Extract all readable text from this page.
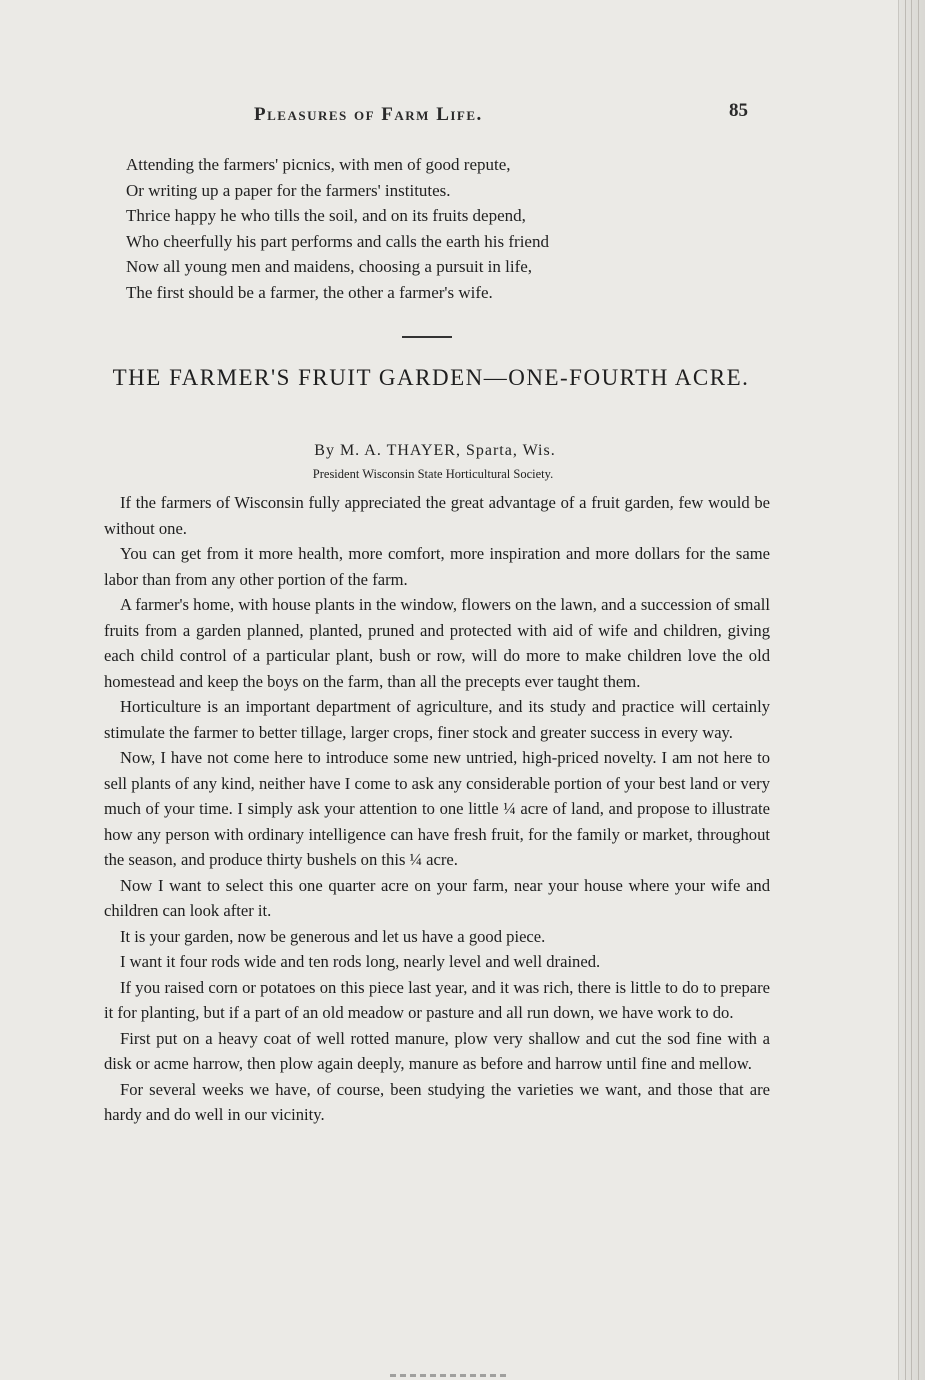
Pleasures of Farm Life.	85
Attending the farmers' picnics, with men of good repute,
Or writing up a paper for the farmers' institutes.
Thrice happy he who tills the soil, and on its fruits depend,
Who cheerfully his part performs and calls the earth his friend
Now all young men and maidens, choosing a pursuit in life,
The first should be a farmer, the other a farmer's wife.
THE FARMER'S FRUIT GARDEN—ONE-FOURTH ACRE.
By M. A. THAYER, Sparta, Wis.
President Wisconsin State Horticultural Society.

If the farmers of Wisconsin fully appreciated the great advantage of a fruit garden, few would be without one.

You can get from it more health, more comfort, more inspiration and more dollars for the same labor than from any other portion of the farm.

A farmer's home, with house plants in the window, flowers on the lawn, and a succession of small fruits from a garden planned, planted, pruned and protected with aid of wife and children, giving each child control of a particular plant, bush or row, will do more to make children love the old homestead and keep the boys on the farm, than all the precepts ever taught them.

Horticulture is an important department of agriculture, and its study and practice will certainly stimulate the farmer to better tillage, larger crops, finer stock and greater success in every way.

Now, I have not come here to introduce some new untried, high-priced novelty. I am not here to sell plants of any kind, neither have I come to ask any considerable portion of your best land or very much of your time. I simply ask your attention to one little ¼ acre of land, and propose to illustrate how any person with ordinary intelligence can have fresh fruit, for the family or market, throughout the season, and produce thirty bushels on this ¼ acre.

Now I want to select this one quarter acre on your farm, near your house where your wife and children can look after it.

It is your garden, now be generous and let us have a good piece.

I want it four rods wide and ten rods long, nearly level and well drained.

If you raised corn or potatoes on this piece last year, and it was rich, there is little to do to prepare it for planting, but if a part of an old meadow or pasture and all run down, we have work to do.

First put on a heavy coat of well rotted manure, plow very shallow and cut the sod fine with a disk or acme harrow, then plow again deeply, manure as before and harrow until fine and mellow.

For several weeks we have, of course, been studying the varieties we want, and those that are hardy and do well in our vicinity.
